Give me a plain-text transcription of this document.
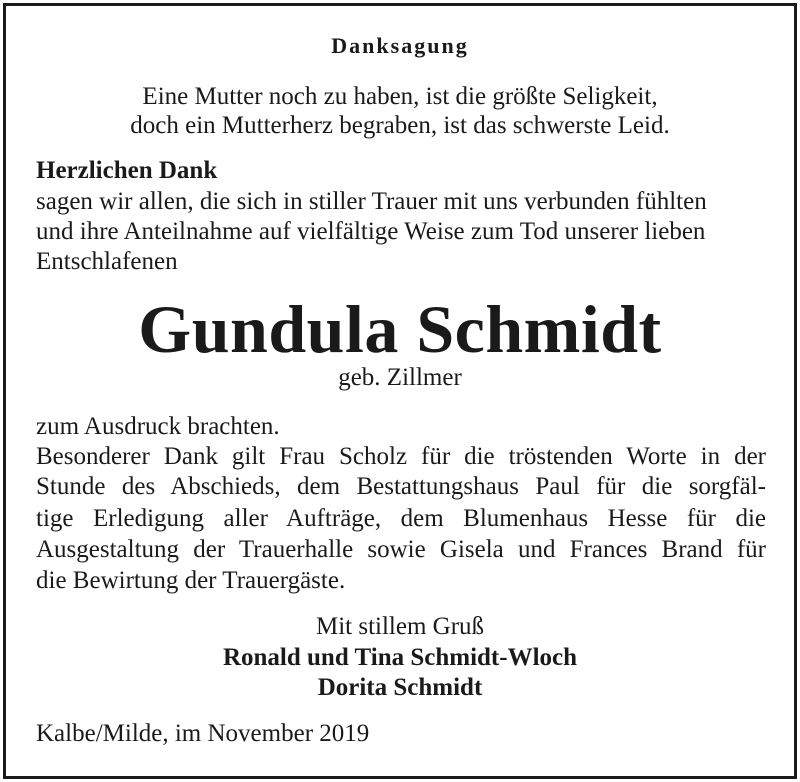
Danksagung

Eine Mutter noch zu haben, ist die größte Seligkeit,

doch ein Mutterherz begraben, ist das schwerste Leid.

Herzlichen Dank

sagen wir allen, die sich in stiller Trauer mit uns verbunden fühlten

und ihre Anteilnahme auf vielfältige Weise zum Tod unserer lieben

Entschlafenen

Gundula Schmidt

geb. Zillmer

zum Ausdruck brachten.

Besonderer Dank gilt Frau Scholz für die tröstenden Worte in der

Stunde des Abschieds, dem Bestattungshaus Paul für die sorgfäl-

tige Erledigung aller Aufträge, dem Blumenhaus Hesse für die

Ausgestaltung der Trauerhalle sowie Gisela und Frances Brand für

die Bewirtung der Trauergäste.

Mit stillem Gruß

Ronald und Tina Schmidt-Wloch

Dorita Schmidt

Kalbe/Milde, im November 2019
